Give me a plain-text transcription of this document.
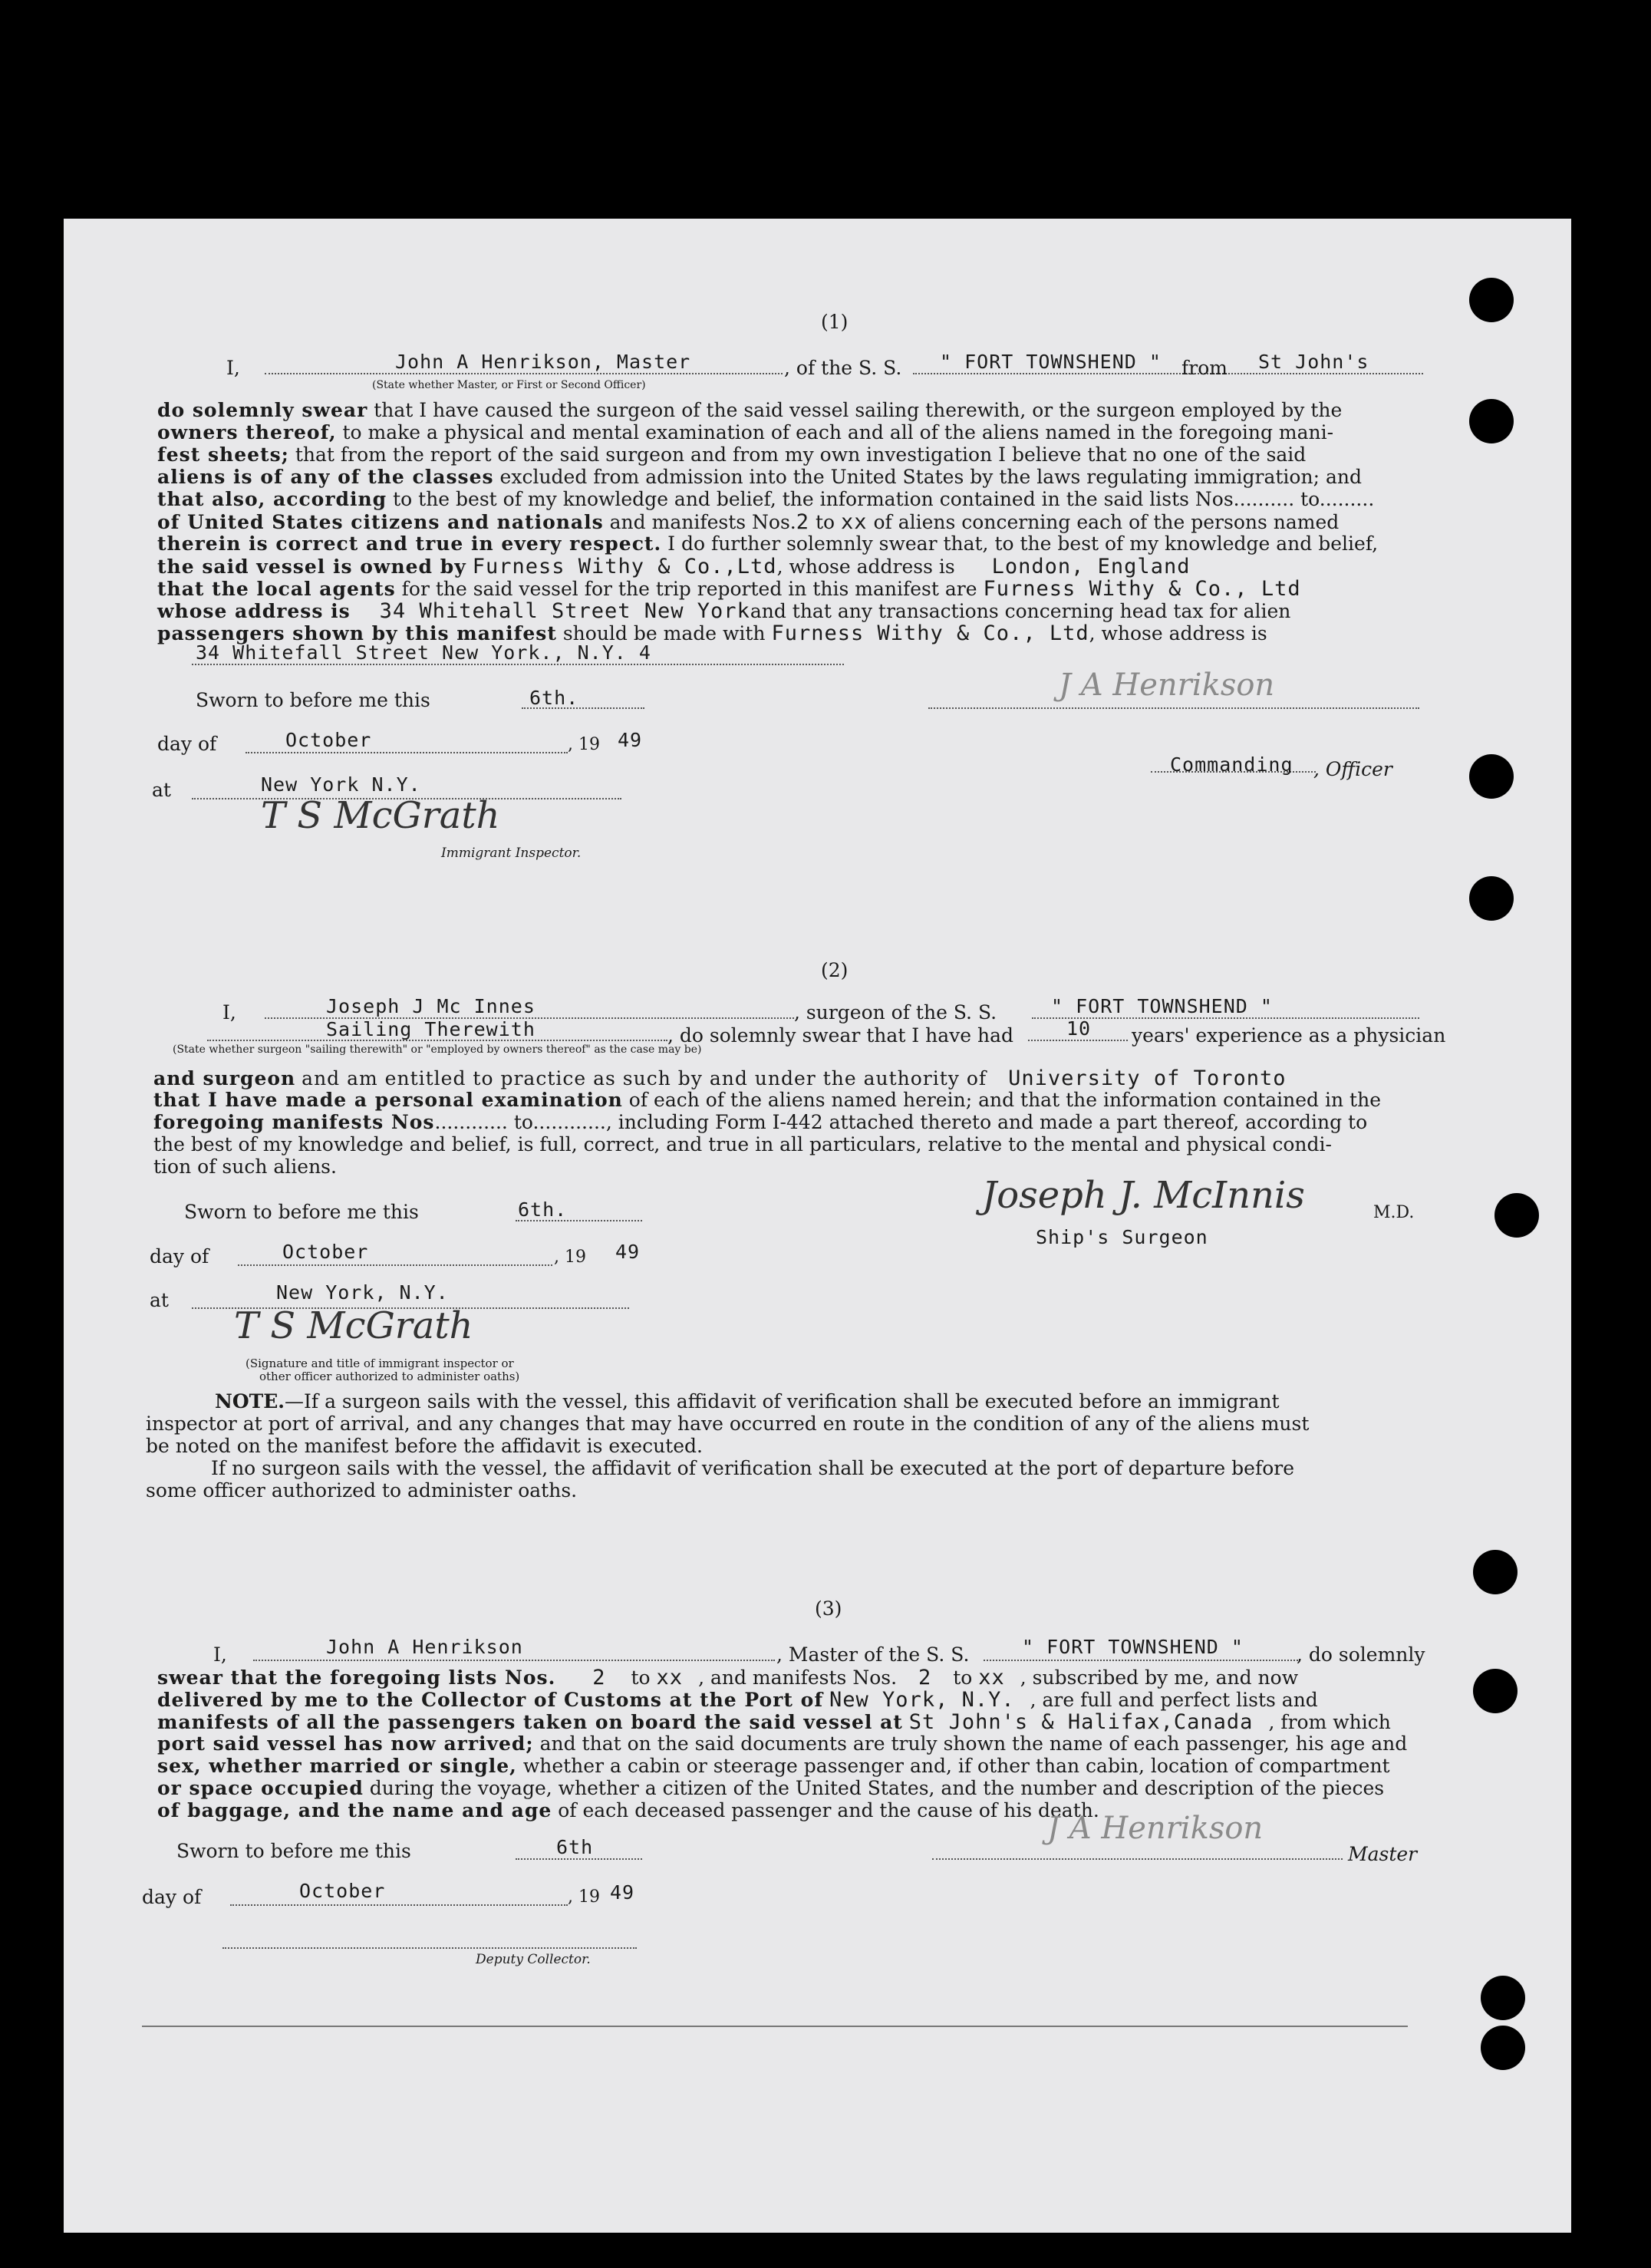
(1)
I,	John A Henrikson, Master	, of the S. S. " FORT TOWNSHEND " from St John's
(State whether Master, or First or Second Officer)
do solemnly swear that I have caused the surgeon of the said vessel sailing therewith, or the surgeon employed by the
owners thereof, to make a physical and mental examination of each and all of the aliens named in the foregoing mani-
fest sheets; that from the report of the said surgeon and from my own investigation I believe that no one of the said
aliens is of any of the classes excluded from admission into the United States by the laws regulating immigration; and
that also, according to the best of my knowledge and belief, the information contained in the said lists Nos.......... to.........
of United States citizens and nationals and manifests Nos.2 to xx of aliens concerning each of the persons named
therein is correct and true in every respect. I do further solemnly swear that, to the best of my knowledge and belief,
the said vessel is owned by Furness Withy & Co.,Ltd, whose address is London, England
that the local agents for the said vessel for the trip reported in this manifest are Furness Withy & Co., Ltd
whose address is 34 Whitehall Street New Yorkand that any transactions concerning head tax for alien
passengers shown by this manifest should be made with Furness Withy & Co., Ltd, whose address is
34 Whitefall Street New York., N.Y. 4
Sworn to before me this	6th.	J A Henrikson
day of	October	, 19 49
Commanding , Officer
at	New York N.Y.
T S McGrath
Immigrant Inspector.
(2)
I,	Joseph J Mc Innes	, surgeon of the S. S.	" FORT TOWNSHEND "
Sailing Therewith	, do solemnly swear that I have had	10 years' experience as a physician
(State whether surgeon "sailing therewith" or "employed by owners thereof" as the case may be)
and surgeon and am entitled to practice as such by and under the authority of University of Toronto
that I have made a personal examination of each of the aliens named herein; and that the information contained in the
foregoing manifests Nos............ to............, including Form I-442 attached thereto and made a part thereof, according to
the best of my knowledge and belief, is full, correct, and true in all particulars, relative to the mental and physical condi-
tion of such aliens.
Sworn to before me this	6th.	Joseph J. McInnis	M.D.
Ship's Surgeon
day of	October	, 19 49
at	New York, N.Y.
T S McGrath
(Signature and title of immigrant inspector or
other officer authorized to administer oaths)
NOTE.—If a surgeon sails with the vessel, this affidavit of verification shall be executed before an immigrant
inspector at port of arrival, and any changes that may have occurred en route in the condition of any of the aliens must
be noted on the manifest before the affidavit is executed.
If no surgeon sails with the vessel, the affidavit of verification shall be executed at the port of departure before
some officer authorized to administer oaths.
(3)
I,	John A Henrikson	, Master of the S. S.	" FORT TOWNSHEND "	, do solemnly
swear that the foregoing lists Nos. 2 to xx , and manifests Nos. 2 to xx , subscribed by me, and now
delivered by me to the Collector of Customs at the Port of New York, N.Y. , are full and perfect lists and
manifests of all the passengers taken on board the said vessel at St John's & Halifax,Canada , from which
port said vessel has now arrived; and that on the said documents are truly shown the name of each passenger, his age and
sex, whether married or single, whether a cabin or steerage passenger and, if other than cabin, location of compartment
or space occupied during the voyage, whether a citizen of the United States, and the number and description of the pieces
of baggage, and the name and age of each deceased passenger and the cause of his death.
Sworn to before me this	6th
J A Henrikson
Master
day of	October	, 19 49
Deputy Collector.
